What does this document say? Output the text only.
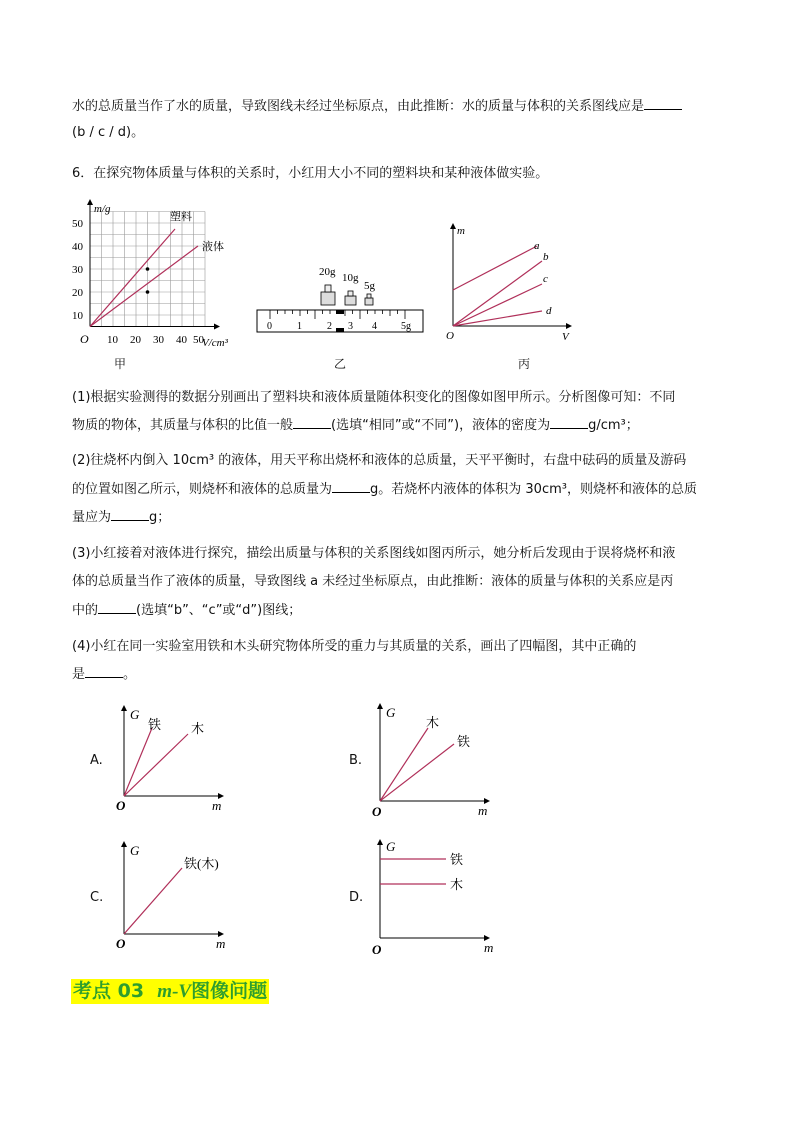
水的总质量当作了水的质量，导致图线未经过坐标原点，由此推断：水的质量与体积的关系图线应是
(b / c / d)。
6．在探究物体质量与体积的关系时，小红用大小不同的塑料块和某种液体做实验。
m/g
V/cm³
O
10
20
30
40
50
10 20 30 40 50
塑料
液体
甲
20g 10g
5g
0	1	2 3 4 5g
乙
m
V
O
a
b
c
d
丙
(1)根据实验测得的数据分别画出了塑料块和液体质量随体积变化的图像如图甲所示。分析图像可知：不同
物质的物体，其质量与体积的比值一般	(选填“相同”或“不同”)，液体的密度为	g/cm³；
(2)往烧杯内倒入 10cm³ 的液体，用天平称出烧杯和液体的总质量，天平平衡时，右盘中砝码的质量及游码
的位置如图乙所示，则烧杯和液体的总质量为	g。若烧杯内液体的体积为 30cm³，则烧杯和液体的总质
量应为	g；
(3)小红接着对液体进行探究，描绘出质量与体积的关系图线如图丙所示，她分析后发现由于误将烧杯和液
体的总质量当作了液体的质量，导致图线 a 未经过坐标原点，由此推断：液体的质量与体积的关系应是丙
中的	(选填“b”、“c”或“d”)图线；
(4)小红在同一实验室用铁和木头研究物体所受的重力与其质量的关系，画出了四幅图，其中正确的
是	。
A.
G
m
O
铁 木
B.
G
m
O
木
铁
C.
G
m
O
铁(木)
D.
G
m
O
铁
木
考点 03 m-V图像问题
